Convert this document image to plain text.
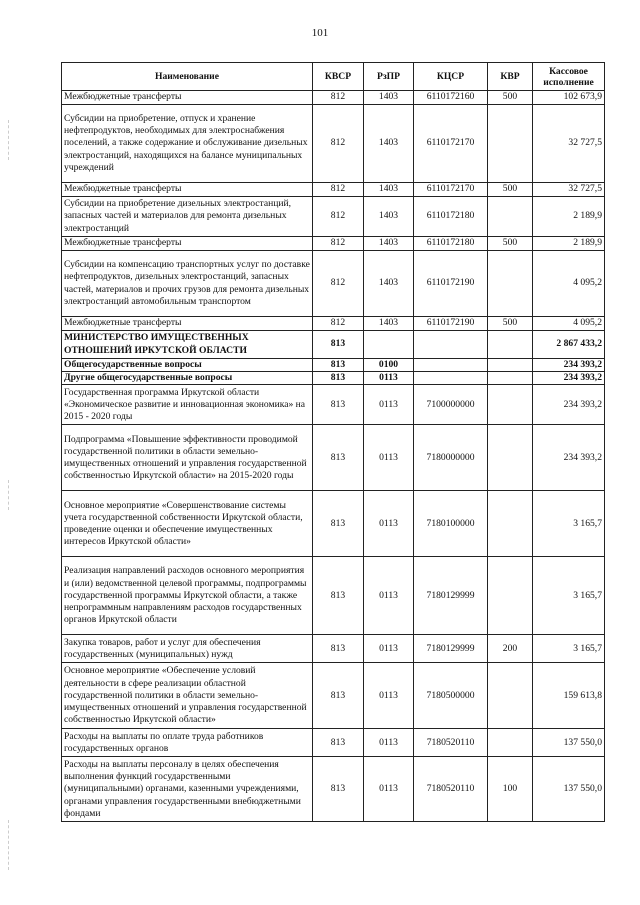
101
Наименование	КВСР	РзПР	КЦСР	КВР	Кассовое исполнение
Межбюджетные трансферты	812	1403	6110172160	500	102 673,9
Субсидии на приобретение, отпуск и хранение нефтепродуктов, необходимых для электроснабжения поселений, а также содержание и обслуживание дизельных электростанций, находящихся на балансе муниципальных учреждений	812	1403	6110172170		32 727,5
Межбюджетные трансферты	812	1403	6110172170	500	32 727,5
Субсидии на приобретение дизельных электростанций, запасных частей и материалов для ремонта дизельных электростанций	812	1403	6110172180		2 189,9
Межбюджетные трансферты	812	1403	6110172180	500	2 189,9
Субсидии на компенсацию транспортных услуг по доставке нефтепродуктов, дизельных электростанций, запасных частей, материалов и прочих грузов для ремонта дизельных электростанций автомобильным транспортом	812	1403	6110172190		4 095,2
Межбюджетные трансферты	812	1403	6110172190	500	4 095,2
МИНИСТЕРСТВО ИМУЩЕСТВЕННЫХ ОТНОШЕНИЙ ИРКУТСКОЙ ОБЛАСТИ	813				2 867 433,2
Общегосударственные вопросы	813	0100			234 393,2
Другие общегосударственные вопросы	813	0113			234 393,2
Государственная программа Иркутской области «Экономическое развитие и инновационная экономика» на 2015 - 2020 годы	813	0113	7100000000		234 393,2
Подпрограмма «Повышение эффективности проводимой государственной политики в области земельно-имущественных отношений и управления государственной собственностью Иркутской области» на 2015-2020 годы	813	0113	7180000000		234 393,2
Основное мероприятие «Совершенствование системы учета государственной собственности Иркутской области, проведение оценки и обеспечение имущественных интересов Иркутской области»	813	0113	7180100000		3 165,7
Реализация направлений расходов основного мероприятия и (или) ведомственной целевой программы, подпрограммы государственной программы Иркутской области, а также непрограммным направлениям расходов государственных органов Иркутской области	813	0113	7180129999		3 165,7
Закупка товаров, работ и услуг для обеспечения государственных (муниципальных) нужд	813	0113	7180129999	200	3 165,7
Основное мероприятие «Обеспечение условий деятельности в сфере реализации областной государственной политики в области земельно-имущественных отношений и управления государственной собственностью Иркутской области»	813	0113	7180500000		159 613,8
Расходы на выплаты по оплате труда работников государственных органов	813	0113	7180520110		137 550,0
Расходы на выплаты персоналу в целях обеспечения выполнения функций государственными (муниципальными) органами, казенными учреждениями, органами управления государственными внебюджетными фондами	813	0113	7180520110	100	137 550,0
